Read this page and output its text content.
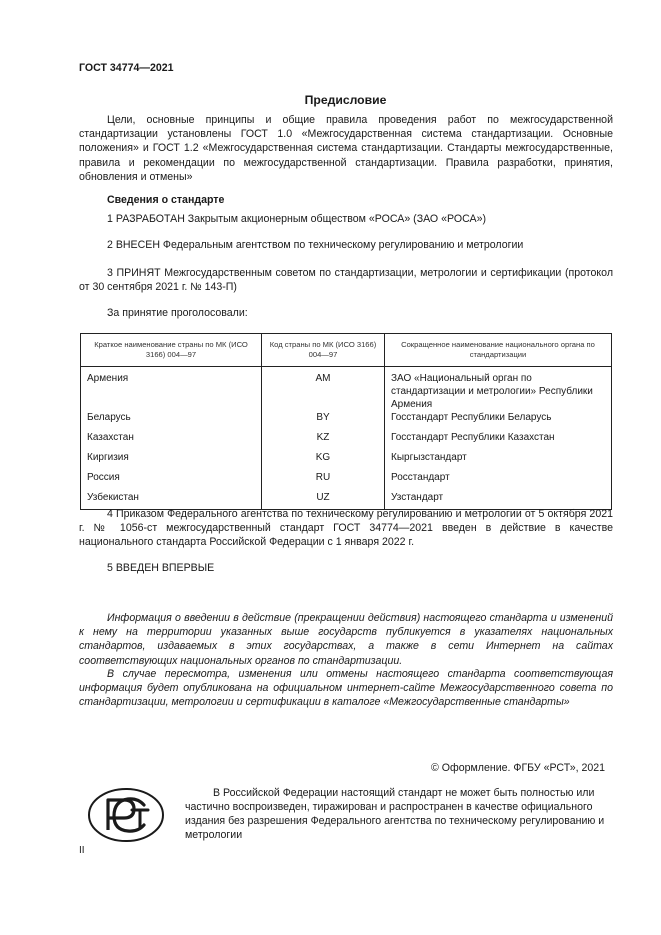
ГОСТ 34774—2021
Предисловие
Цели, основные принципы и общие правила проведения работ по межгосударственной стандартизации установлены ГОСТ 1.0 «Межгосударственная система стандартизации. Основные положения» и ГОСТ 1.2 «Межгосударственная система стандартизации. Стандарты межгосударственные, правила и рекомендации по межгосударственной стандартизации. Правила разработки, принятия, обновления и отмены»
Сведения о стандарте
1 РАЗРАБОТАН Закрытым акционерным обществом «РОСА» (ЗАО «РОСА»)
2 ВНЕСЕН Федеральным агентством по техническому регулированию и метрологии
3 ПРИНЯТ Межгосударственным советом по стандартизации, метрологии и сертификации (протокол от 30 сентября 2021 г. № 143-П)
За принятие проголосовали:
Краткое наименование страны по МК (ИСО 3166) 004—97	Код страны по МК (ИСО 3166) 004—97	Сокращенное наименование национального органа по стандартизации
Армения	AM	ЗАО «Национальный орган по стандартизации и метрологии» Республики Армения
Беларусь	BY	Госстандарт Республики Беларусь
Казахстан	KZ	Госстандарт Республики Казахстан
Киргизия	KG	Кыргызстандарт
Россия	RU	Росстандарт
Узбекистан	UZ	Узстандарт
4 Приказом Федерального агентства по техническому регулированию и метрологии от 5 октября 2021 г. № 1056-ст межгосударственный стандарт ГОСТ 34774—2021 введен в действие в качестве национального стандарта Российской Федерации с 1 января 2022 г.
5 ВВЕДЕН ВПЕРВЫЕ
Информация о введении в действие (прекращении действия) настоящего стандарта и изменений к нему на территории указанных выше государств публикуется в указателях национальных стандартов, издаваемых в этих государствах, а также в сети Интернет на сайтах соответствующих национальных органов по стандартизации.
В случае пересмотра, изменения или отмены настоящего стандарта соответствующая информация будет опубликована на официальном интернет-сайте Межгосударственного совета по стандартизации, метрологии и сертификации в каталоге «Межгосударственные стандарты»
© Оформление. ФГБУ «РСТ», 2021
В Российской Федерации настоящий стандарт не может быть полностью или частично воспроизведен, тиражирован и распространен в качестве официального издания без разрешения Федерального агентства по техническому регулированию и метрологии
II
